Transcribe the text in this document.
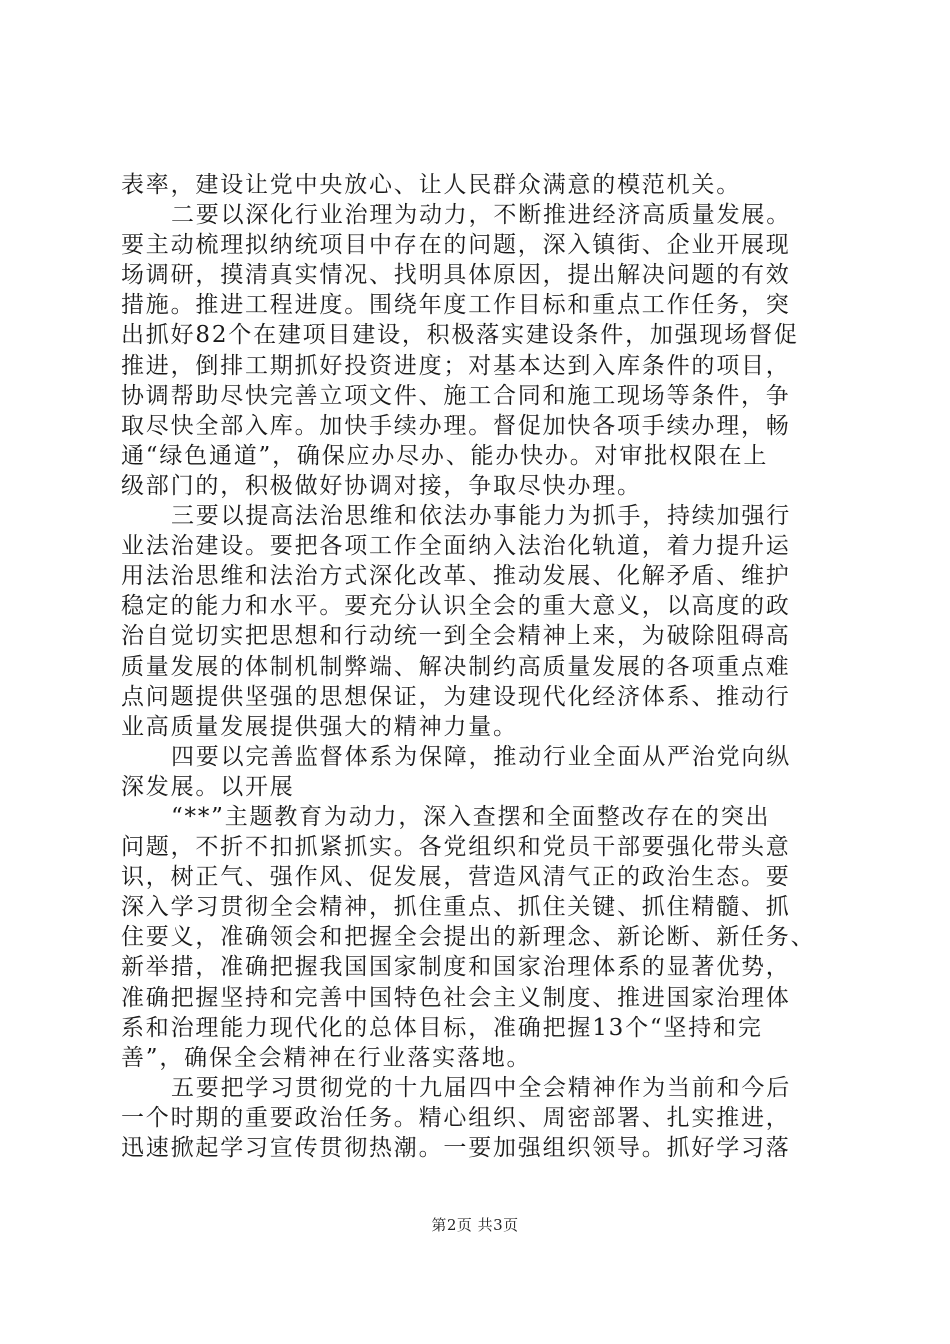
表率，建设让党中央放心、让人民群众满意的模范机关。
二要以深化行业治理为动力，不断推进经济高质量发展。
要主动梳理拟纳统项目中存在的问题，深入镇街、企业开展现
场调研，摸清真实情况、找明具体原因，提出解决问题的有效
措施。推进工程进度。围绕年度工作目标和重点工作任务，突
出抓好82个在建项目建设，积极落实建设条件，加强现场督促
推进，倒排工期抓好投资进度；对基本达到入库条件的项目，
协调帮助尽快完善立项文件、施工合同和施工现场等条件，争
取尽快全部入库。加快手续办理。督促加快各项手续办理，畅
通“绿色通道”，确保应办尽办、能办快办。对审批权限在上
级部门的，积极做好协调对接，争取尽快办理。
三要以提高法治思维和依法办事能力为抓手，持续加强行
业法治建设。要把各项工作全面纳入法治化轨道，着力提升运
用法治思维和法治方式深化改革、推动发展、化解矛盾、维护
稳定的能力和水平。要充分认识全会的重大意义，以高度的政
治自觉切实把思想和行动统一到全会精神上来，为破除阻碍高
质量发展的体制机制弊端、解决制约高质量发展的各项重点难
点问题提供坚强的思想保证，为建设现代化经济体系、推动行
业高质量发展提供强大的精神力量。
四要以完善监督体系为保障，推动行业全面从严治党向纵
深发展。以开展
“**”主题教育为动力，深入查摆和全面整改存在的突出
问题，不折不扣抓紧抓实。各党组织和党员干部要强化带头意
识，树正气、强作风、促发展，营造风清气正的政治生态。要
深入学习贯彻全会精神，抓住重点、抓住关键、抓住精髓、抓
住要义，准确领会和把握全会提出的新理念、新论断、新任务、
新举措，准确把握我国国家制度和国家治理体系的显著优势，
准确把握坚持和完善中国特色社会主义制度、推进国家治理体
系和治理能力现代化的总体目标，准确把握13个“坚持和完
善”，确保全会精神在行业落实落地。
五要把学习贯彻党的十九届四中全会精神作为当前和今后
一个时期的重要政治任务。精心组织、周密部署、扎实推进，
迅速掀起学习宣传贯彻热潮。一要加强组织领导。抓好学习落
第2页 共3页
